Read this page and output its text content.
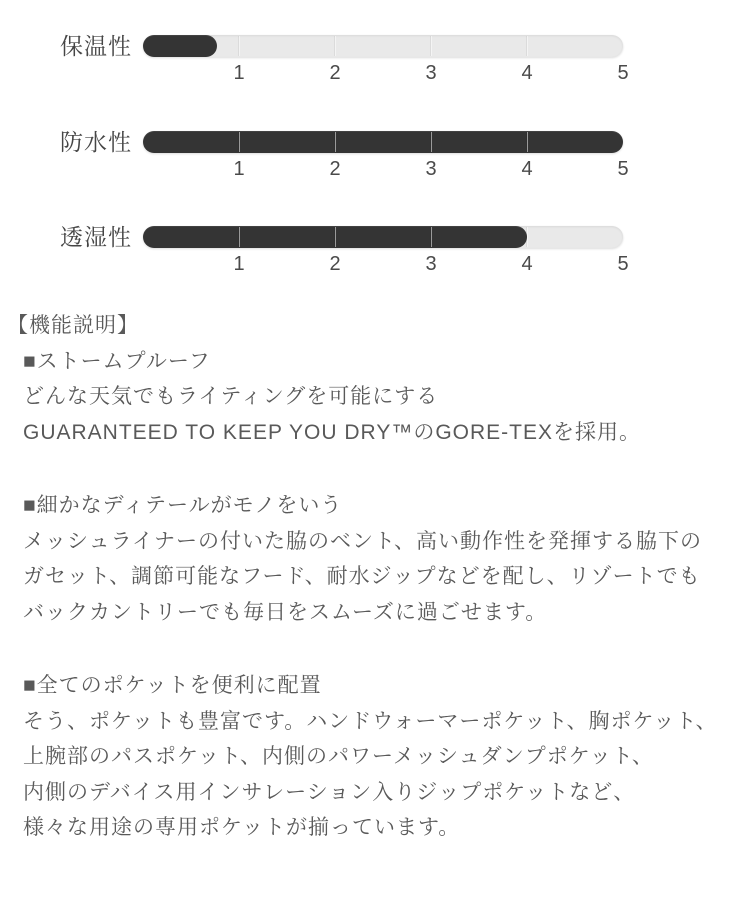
保温性
1	2	3	4	5
防水性
1	2	3	4	5
透湿性
1	2	3	4	5
【機能説明】
■ストームプルーフ
どんな天気でもライティングを可能にする
GUARANTEED TO KEEP YOU DRY™のGORE-TEXを採用。
■細かなディテールがモノをいう
メッシュライナーの付いた脇のベント、高い動作性を発揮する脇下の
ガセット、調節可能なフード、耐水ジップなどを配し、リゾートでも
バックカントリーでも毎日をスムーズに過ごせます。
■全てのポケットを便利に配置
そう、ポケットも豊富です。ハンドウォーマーポケット、胸ポケット、
上腕部のパスポケット、内側のパワーメッシュダンプポケット、
内側のデバイス用インサレーション入りジップポケットなど、
様々な用途の専用ポケットが揃っています。
